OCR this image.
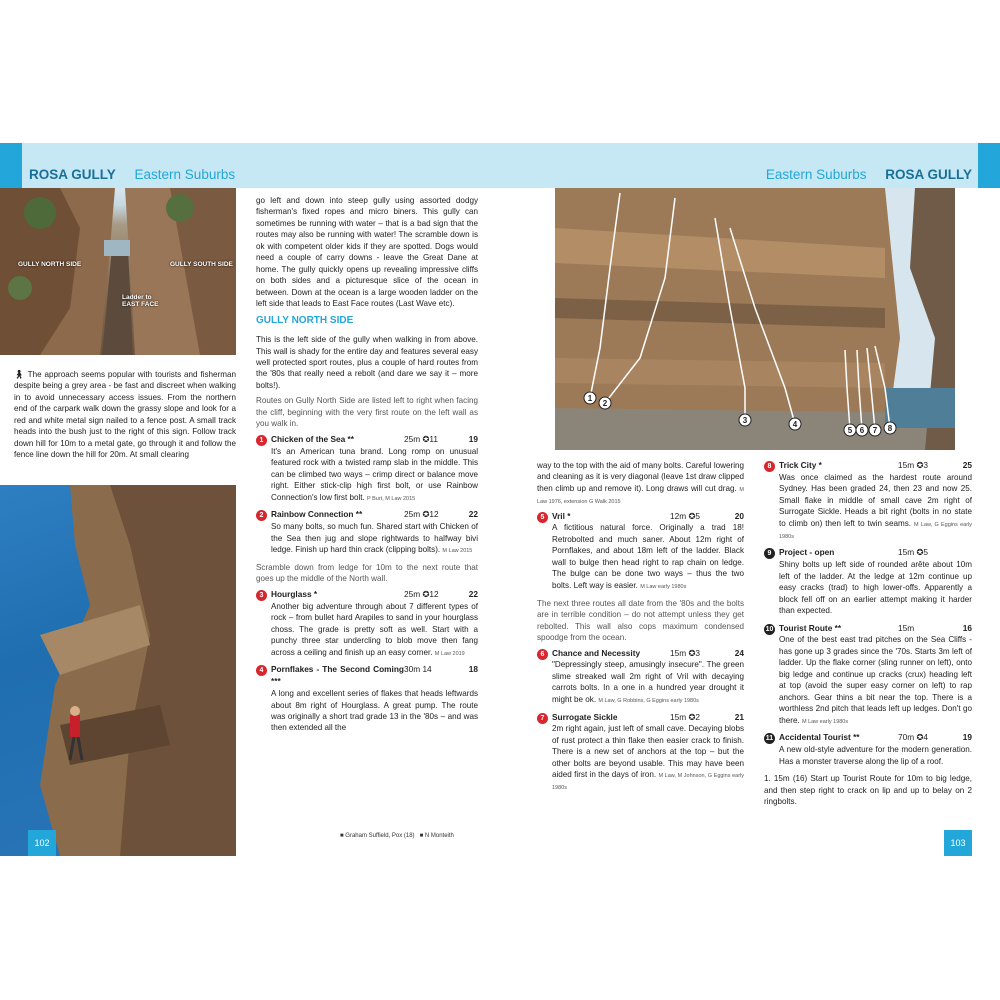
ROSA GULLY Eastern Suburbs
GULLY NORTH SIDE	GULLY SOUTH SIDE
Ladder to
EAST FACE

🚶︎ The approach seems popular with tourists and fisherman despite being a grey area - be fast and discreet when walking in to avoid unnecessary access issues. From the northern end of the carpark walk down the grassy slope and look for a red and white metal sign nailed to a fence post. A small track heads into the bush just to the right of this sign. Follow track down hill for 10m to a metal gate, go through it and follow the fence line down the hill for 20m. At small clearing

102

go left and down into steep gully using assorted dodgy fisherman's fixed ropes and micro biners. This gully can sometimes be running with water – that is a bad sign that the routes may also be running with water! The scramble down is ok with competent older kids if they are spotted. Dogs would need a couple of carry downs - leave the Great Dane at home. The gully quickly opens up revealing impressive cliffs on both sides and a picturesque slice of the ocean in between. Down at the ocean is a large wooden ladder on the left side that leads to East Face routes (Last Wave etc).

GULLY NORTH SIDE

This is the left side of the gully when walking in from above. This wall is shady for the entire day and features several easy well protected sport routes, plus a couple of hard routes from the '80s that really need a rebolt (and dare we say it – more bolts!).

Routes on Gully North Side are listed left to right when facing the cliff, beginning with the very first route on the left wall as you walk in.

1 Chicken of the Sea **	25m ✪11	19
It's an American tuna brand. Long romp on unusual featured rock with a twisted ramp slab in the middle. This can be climbed two ways – crimp direct or balance move right. Either stick-clip high first bolt, or use Rainbow Connection's low first bolt. P Burt, M Law 2015
2 Rainbow Connection **	25m ✪12	22
So many bolts, so much fun. Shared start with Chicken of the Sea then jug and slope rightwards to halfway bivi ledge. Finish up hard thin crack (clipping bolts). M Law 2015

Scramble down from ledge for 10m to the next route that goes up the middle of the North wall.

3 Hourglass *	25m ✪12	22
Another big adventure through about 7 different types of rock – from bullet hard Arapiles to sand in your hourglass choss. The grade is pretty soft as well. Start with a punchy three star undercling to blob move then fang across a ceiling and finish up an easy corner. M Law 2019
4 Pornflakes - The Second Coming ***
30m 14	18
A long and excellent series of flakes that heads leftwards about 8m right of Hourglass. A great pump. The route was originally a short trad grade 13 in the '80s – and was then extended all the
■ Graham Suffield, Pox (18) ■ N Monteith
Eastern Suburbs ROSA GULLY
1
2
3	4
5 6 7 8

way to the top with the aid of many bolts. Careful lowering and cleaning as it is very diagonal (leave 1st draw clipped then climb up and remove it). Long draws will cut drag. M Law 1976, extension G Walk 2015

5 Vril *	12m ✪5	20
A fictitious natural force. Originally a trad 18! Retrobolted and much saner. About 12m right of Pornflakes, and about 18m left of the ladder. Black wall to bulge then head right to rap chain on ledge. The bulge can be done two ways – thus the two bolts. Left way is easier. M Law early 1980s

The next three routes all date from the '80s and the bolts are in terrible condition – do not attempt unless they get rebolted. This wall also cops maximum condensed spoodge from the ocean.

6 Chance and Necessity	15m ✪3	24
"Depressingly steep, amusingly insecure". The green slime streaked wall 2m right of Vril with decaying carrots bolts. In a one in a hundred year drought it might be ok. M Law, G Robbins, G Eggins early 1980s
7 Surrogate Sickle	15m ✪2	21
2m right again, just left of small cave. Decaying blobs of rust protect a thin flake then easier crack to finish. There is a new set of anchors at the top – but the other bolts are beyond usable. This may have been aided first in the days of iron. M Law, M Johnson, G Eggins early 1980s
8 Trick City *	15m ✪3	25
Was once claimed as the hardest route around Sydney. Has been graded 24, then 23 and now 25. Small flake in middle of small cave 2m right of Surrogate Sickle. Heads a bit right (bolts in no state to climb on) then left to twin seams. M Law, G Eggins early 1980s
9 Project - open	15m ✪5
Shiny bolts up left side of rounded arête about 10m left of the ladder. At the ledge at 12m continue up easy cracks (trad) to high lower-offs. Apparently a block fell off on an earlier attempt making it harder than expected.
10 Tourist Route **	15m	16
One of the best east trad pitches on the Sea Cliffs - has gone up 3 grades since the '70s. Starts 3m left of ladder. Up the flake corner (sling runner on left), onto big ledge and continue up cracks (crux) heading left at top (avoid the super easy corner on left) to rap anchors. Gear thins a bit near the top. There is a worthless 2nd pitch that leads left up ledges. Don't go there. M Law early 1980s
11 Accidental Tourist **	70m ✪4	19
A new old-style adventure for the modern generation. Has a monster traverse along the lip of a roof.

1. 15m (16) Start up Tourist Route for 10m to big ledge, and then step right to crack on lip and up to belay on 2 ringbolts.

103
